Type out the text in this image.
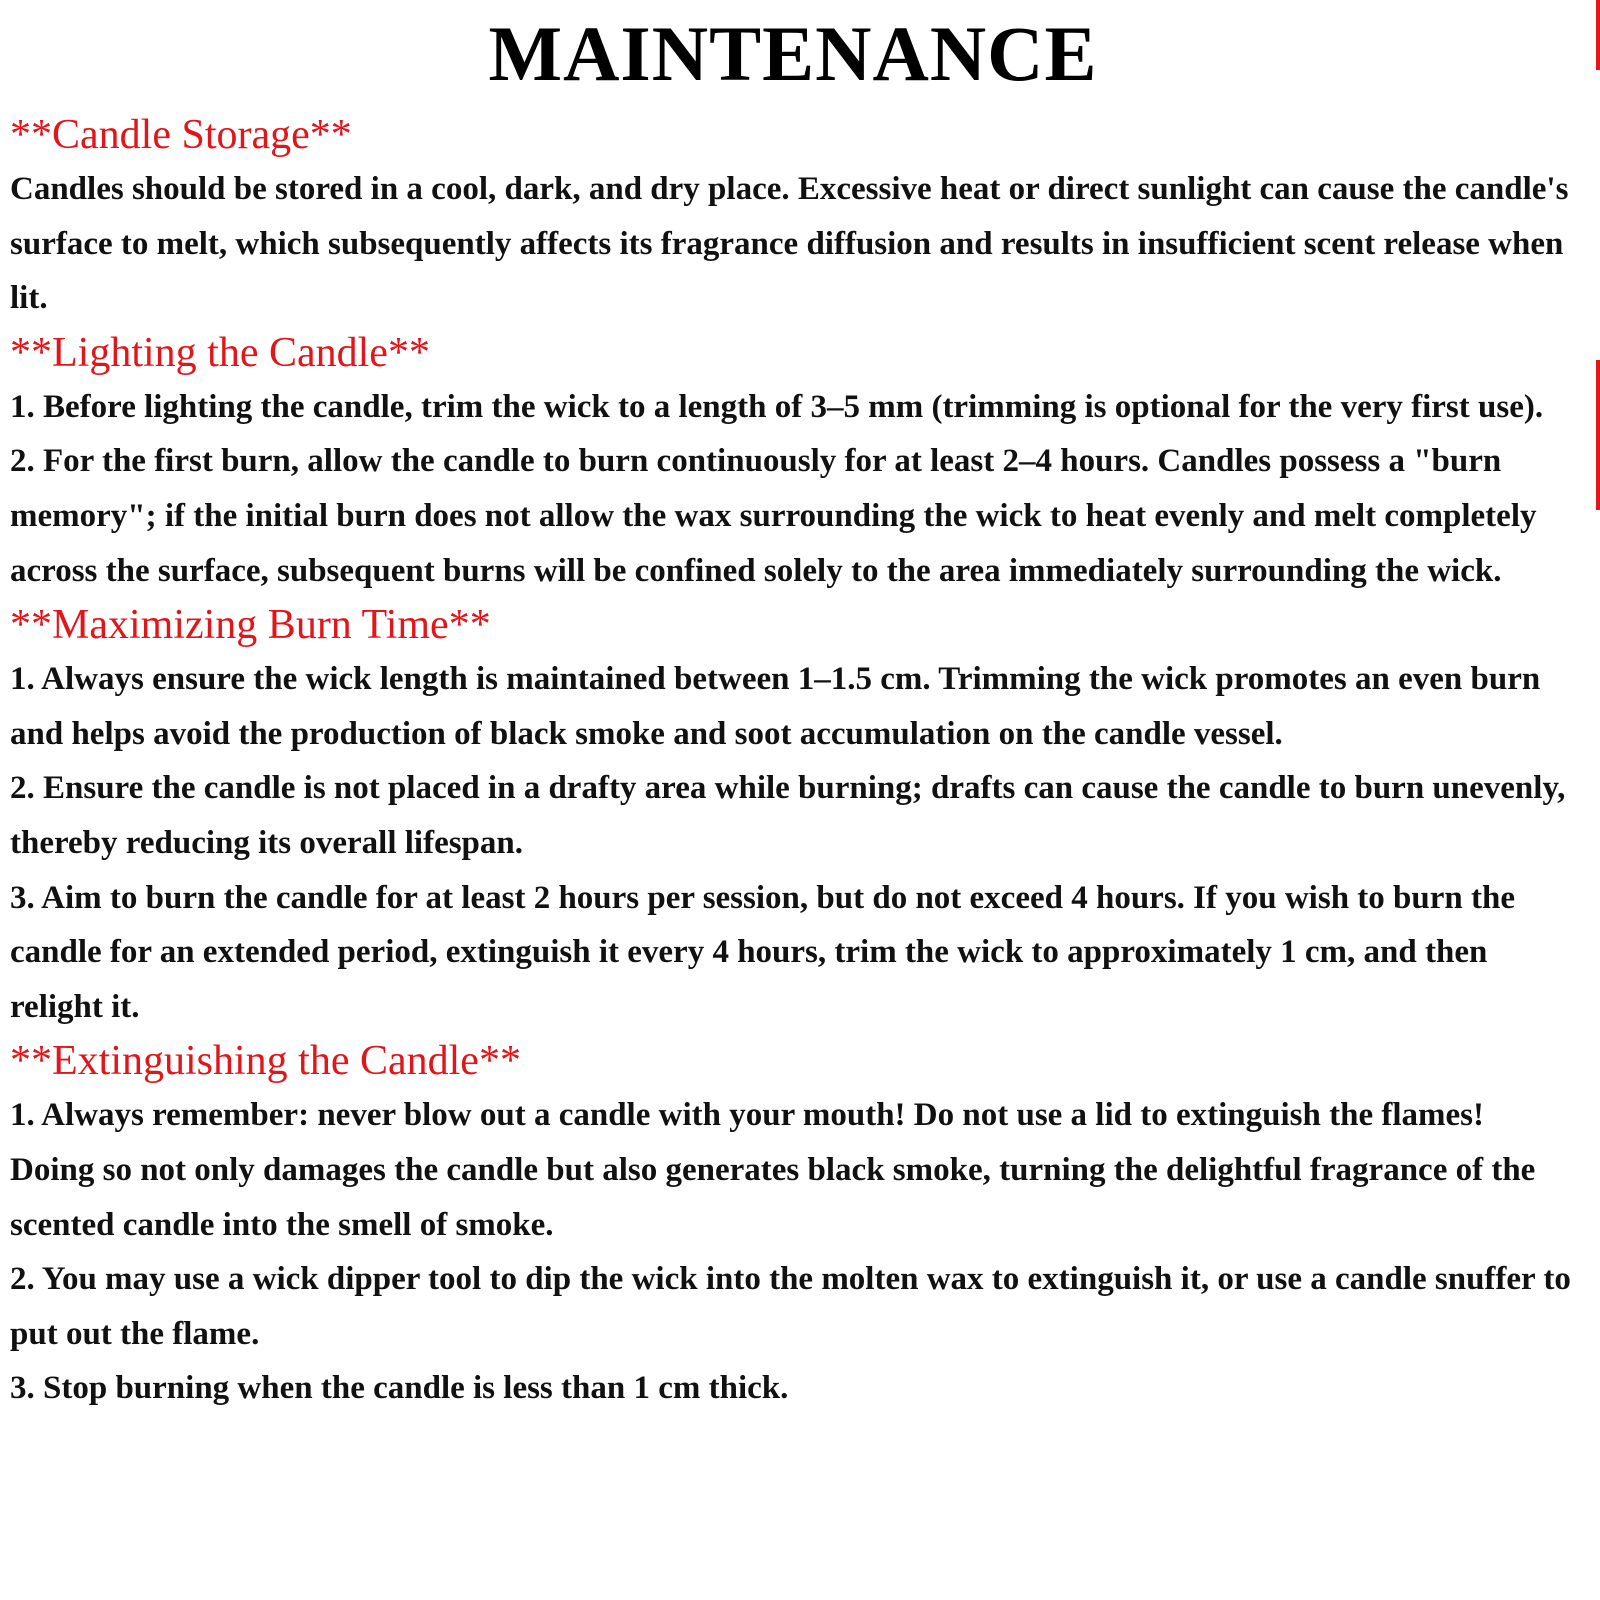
MAINTENANCE
**Candle Storage**

Candles should be stored in a cool, dark, and dry place. Excessive heat or direct sunlight can cause the candle's surface to melt, which subsequently affects its fragrance diffusion and results in insufficient scent release when lit.

**Lighting the Candle**

1. Before lighting the candle, trim the wick to a length of 3–5 mm (trimming is optional for the very first use).

2. For the first burn, allow the candle to burn continuously for at least 2–4 hours. Candles possess a "burn memory"; if the initial burn does not allow the wax surrounding the wick to heat evenly and melt completely across the surface, subsequent burns will be confined solely to the area immediately surrounding the wick.

**Maximizing Burn Time**

1. Always ensure the wick length is maintained between 1–1.5 cm. Trimming the wick promotes an even burn and helps avoid the production of black smoke and soot accumulation on the candle vessel.

2. Ensure the candle is not placed in a drafty area while burning; drafts can cause the candle to burn unevenly, thereby reducing its overall lifespan.

3. Aim to burn the candle for at least 2 hours per session, but do not exceed 4 hours. If you wish to burn the candle for an extended period, extinguish it every 4 hours, trim the wick to approximately 1 cm, and then relight it.

**Extinguishing the Candle**

1. Always remember: never blow out a candle with your mouth! Do not use a lid to extinguish the flames! Doing so not only damages the candle but also generates black smoke, turning the delightful fragrance of the scented candle into the smell of smoke.

2. You may use a wick dipper tool to dip the wick into the molten wax to extinguish it, or use a candle snuffer to put out the flame.

3. Stop burning when the candle is less than 1 cm thick.
